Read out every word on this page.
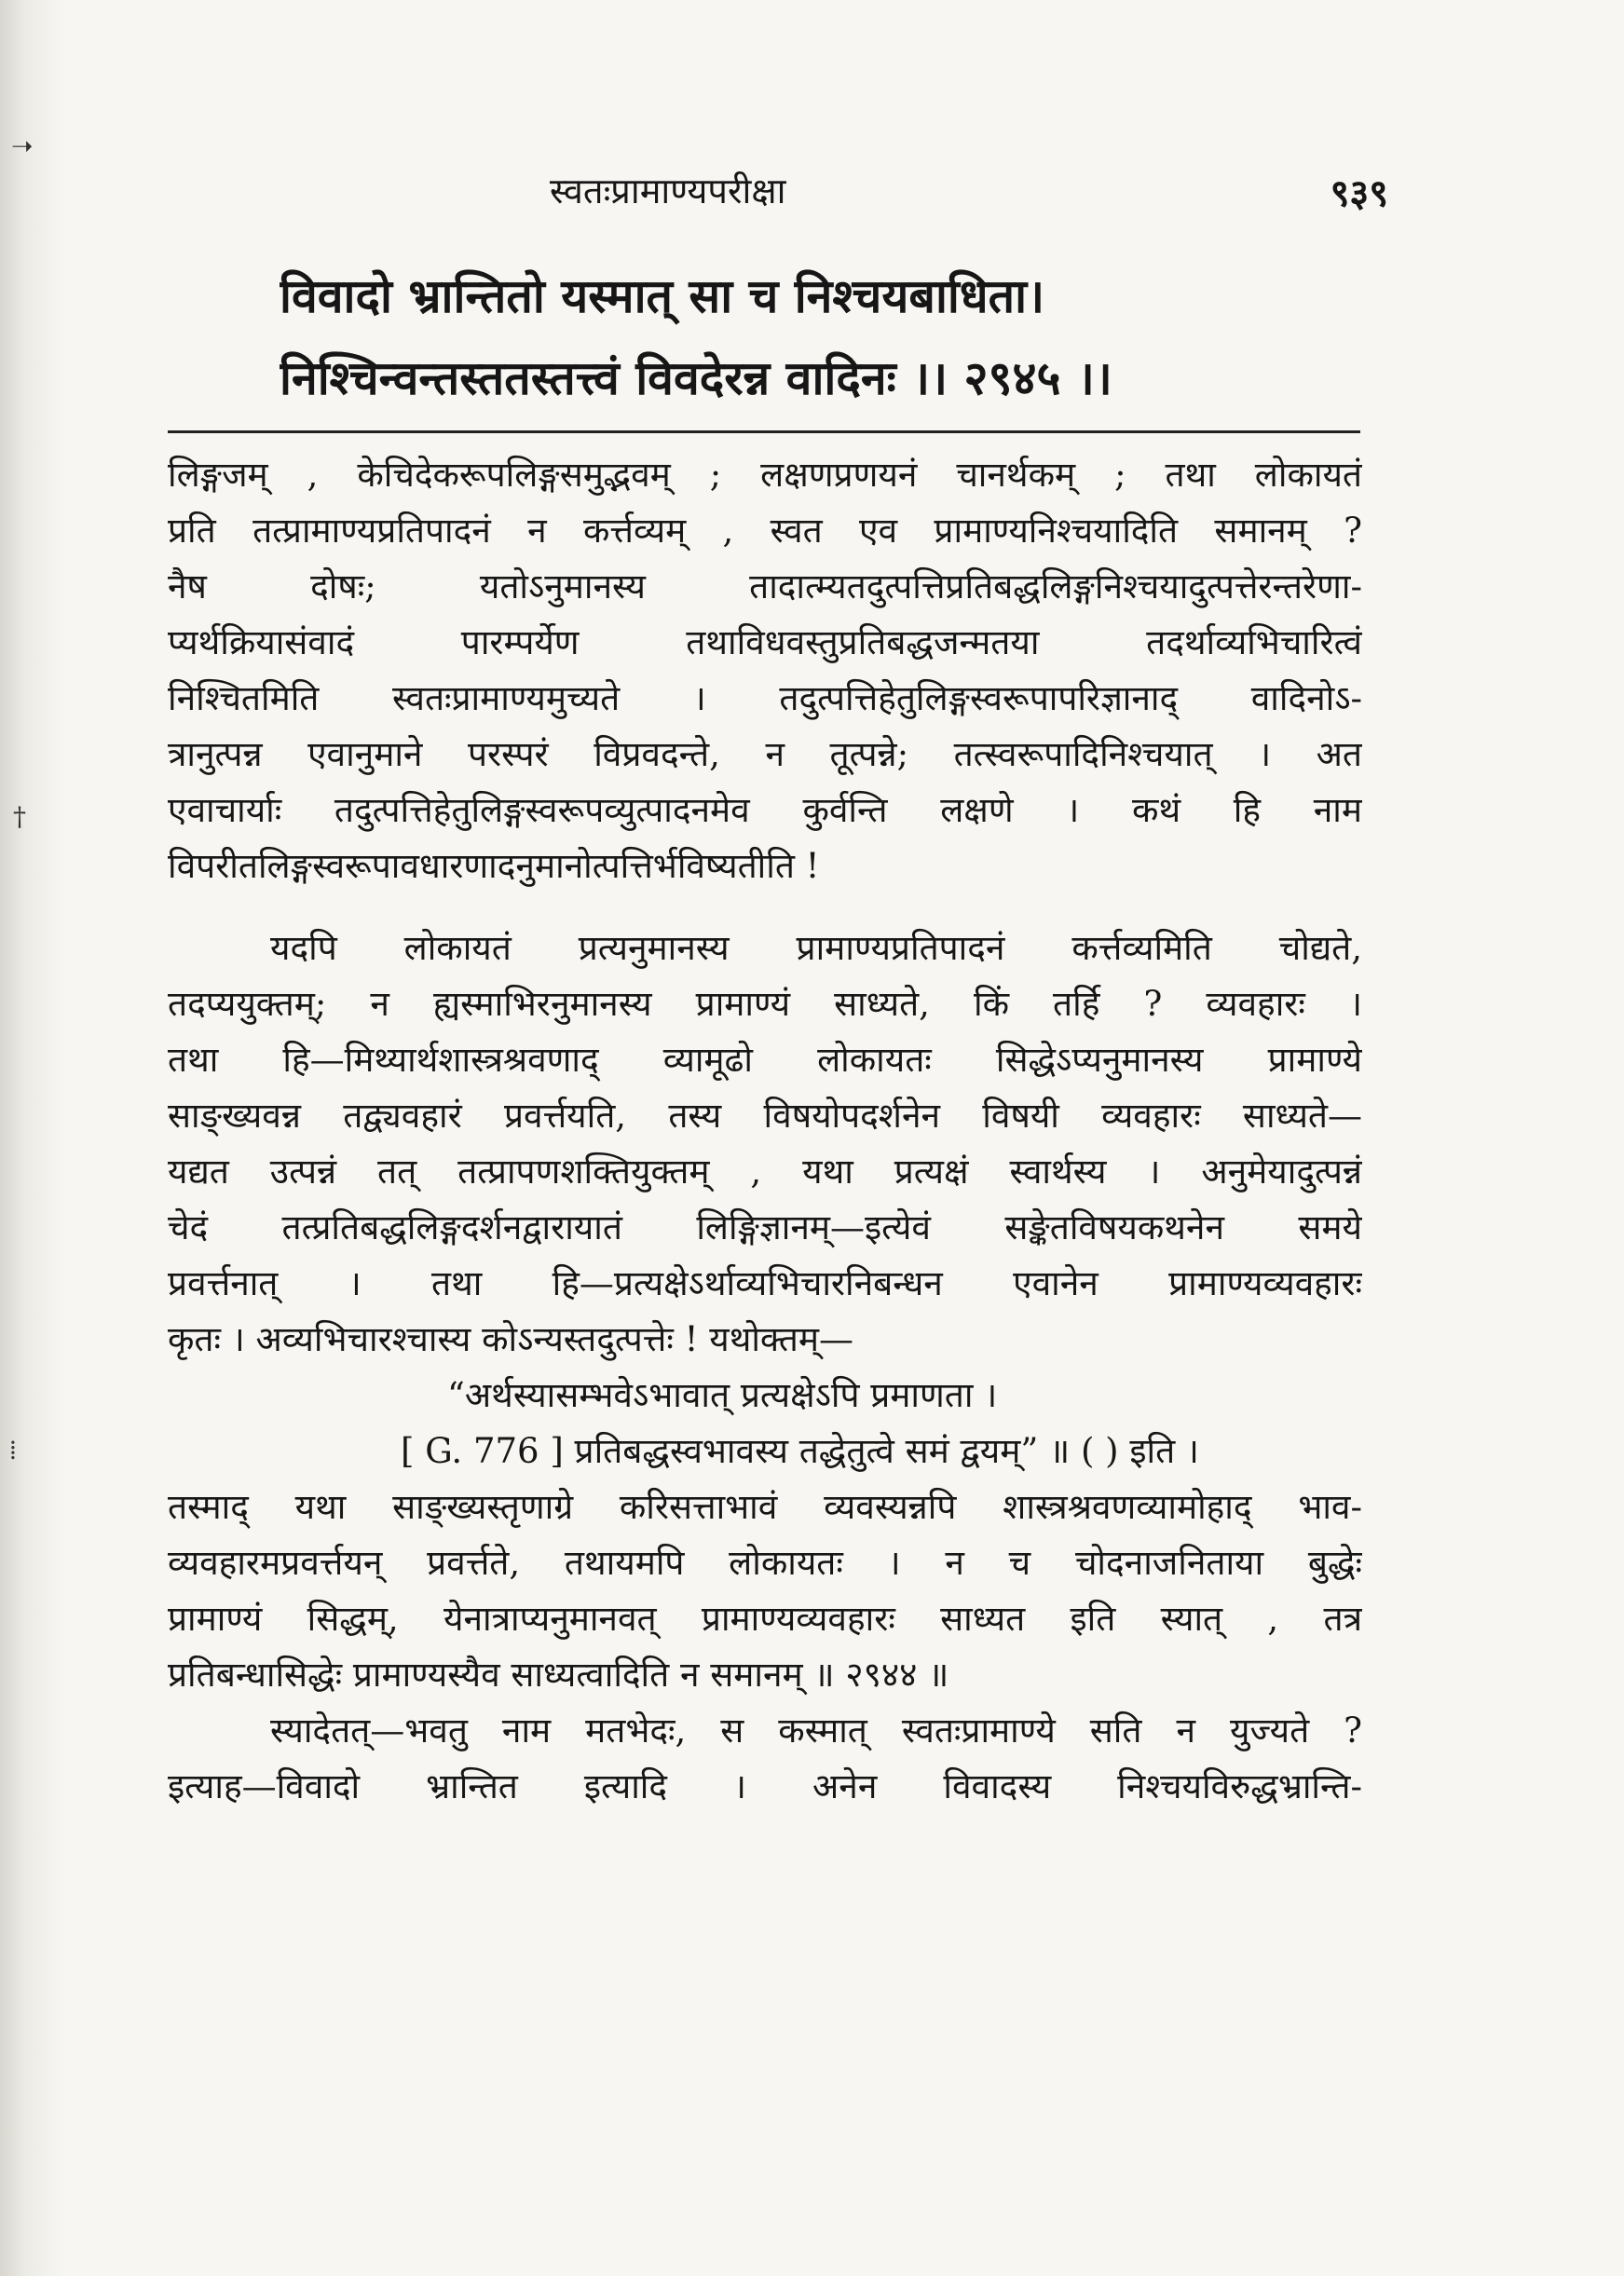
➝
†
⁞
स्वतःप्रामाण्यपरीक्षा	९३९
विवादो भ्रान्तितो यस्मात् सा च निश्चयबाधिता।
निश्चिन्वन्तस्ततस्तत्त्वं विवदेरन्न वादिनः ।। २९४५ ।।
लिङ्गजम् , केचिदेकरूपलिङ्गसमुद्भवम् ; लक्षणप्रणयनं चानर्थकम् ; तथा लोकायतं
प्रति तत्प्रामाण्यप्रतिपादनं न कर्त्तव्यम् , स्वत एव प्रामाण्यनिश्चयादिति समानम् ?
नैष दोषः; यतोऽनुमानस्य तादात्म्यतदुत्पत्तिप्रतिबद्धलिङ्गनिश्चयादुत्पत्तेरन्तरेणा-
प्यर्थक्रियासंवादं पारम्पर्येण तथाविधवस्तुप्रतिबद्धजन्मतया तदर्थाव्यभिचारित्वं
निश्चितमिति स्वतःप्रामाण्यमुच्यते । तदुत्पत्तिहेतुलिङ्गस्वरूपापरिज्ञानाद् वादिनोऽ-
त्रानुत्पन्न एवानुमाने परस्परं विप्रवदन्ते, न तूत्पन्ने; तत्स्वरूपादिनिश्चयात् । अत
एवाचार्याः तदुत्पत्तिहेतुलिङ्गस्वरूपव्युत्पादनमेव कुर्वन्ति लक्षणे । कथं हि नाम
विपरीतलिङ्गस्वरूपावधारणादनुमानोत्पत्तिर्भविष्यतीति !
यदपि लोकायतं प्रत्यनुमानस्य प्रामाण्यप्रतिपादनं कर्त्तव्यमिति चोद्यते,
तदप्ययुक्तम्; न ह्यस्माभिरनुमानस्य प्रामाण्यं साध्यते, किं तर्हि ? व्यवहारः ।
तथा हि—मिथ्यार्थशास्त्रश्रवणाद् व्यामूढो लोकायतः सिद्धेऽप्यनुमानस्य प्रामाण्ये
साङ्ख्यवन्न तद्व्यवहारं प्रवर्त्तयति, तस्य विषयोपदर्शनेन विषयी व्यवहारः साध्यते—
यद्यत उत्पन्नं तत् तत्प्रापणशक्तियुक्तम् , यथा प्रत्यक्षं स्वार्थस्य । अनुमेयादुत्पन्नं
चेदं तत्प्रतिबद्धलिङ्गदर्शनद्वारायातं लिङ्गिज्ञानम्—इत्येवं सङ्केतविषयकथनेन समये
प्रवर्त्तनात् । तथा हि—प्रत्यक्षेऽर्थाव्यभिचारनिबन्धन एवानेन प्रामाण्यव्यवहारः
कृतः । अव्यभिचारश्चास्य कोऽन्यस्तदुत्पत्तेः ! यथोक्तम्—
“अर्थस्यासम्भवेऽभावात् प्रत्यक्षेऽपि प्रमाणता ।
[ G. 776 ] प्रतिबद्धस्वभावस्य तद्धेतुत्वे समं द्वयम्” ॥ ( ) इति ।
तस्माद् यथा साङ्ख्यस्तृणाग्रे करिसत्ताभावं व्यवस्यन्नपि शास्त्रश्रवणव्यामोहाद् भाव-
व्यवहारमप्रवर्त्तयन् प्रवर्त्तते, तथायमपि लोकायतः । न च चोदनाजनिताया बुद्धेः
प्रामाण्यं सिद्धम्, येनात्राप्यनुमानवत् प्रामाण्यव्यवहारः साध्यत इति स्यात् , तत्र
प्रतिबन्धासिद्धेः प्रामाण्यस्यैव साध्यत्वादिति न समानम् ॥ २९४४ ॥
स्यादेतत्—भवतु नाम मतभेदः, स कस्मात् स्वतःप्रामाण्ये सति न युज्यते ?
इत्याह—विवादो भ्रान्तित इत्यादि । अनेन विवादस्य निश्चयविरुद्धभ्रान्ति-
